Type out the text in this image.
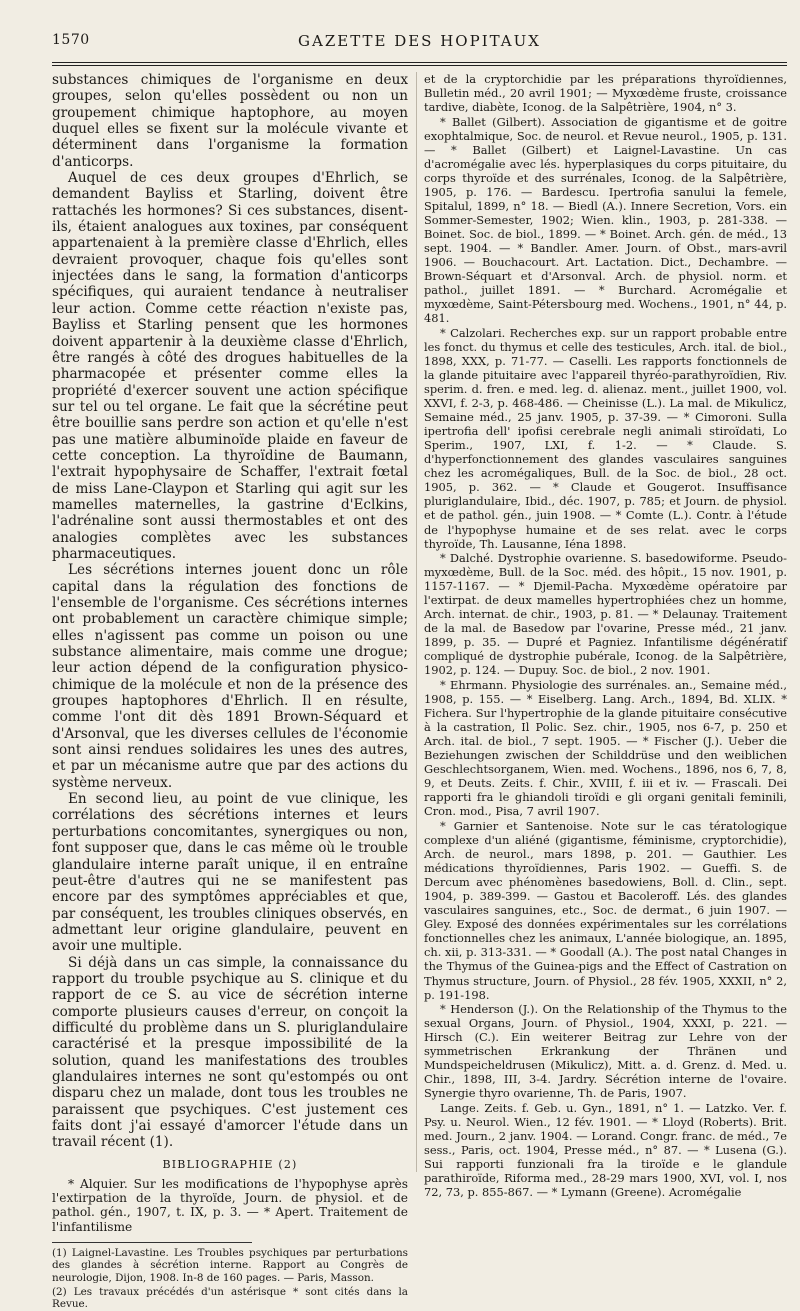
1570	GAZETTE DES HOPITAUX

substances chimiques de l'organisme en deux groupes, selon qu'elles possèdent ou non un groupement chimique haptophore, au moyen duquel elles se fixent sur la molécule vivante et déterminent dans l'organisme la formation d'anticorps.

Auquel de ces deux groupes d'Ehrlich, se demandent Bayliss et Starling, doivent être rattachés les hormones? Si ces substances, disent-ils, étaient analogues aux toxines, par conséquent appartenaient à la première classe d'Ehrlich, elles devraient provoquer, chaque fois qu'elles sont injectées dans le sang, la formation d'anticorps spécifiques, qui auraient tendance à neutraliser leur action. Comme cette réaction n'existe pas, Bayliss et Starling pensent que les hormones doivent appartenir à la deuxième classe d'Ehrlich, être rangés à côté des drogues habituelles de la pharmacopée et présenter comme elles la propriété d'exercer souvent une action spécifique sur tel ou tel organe. Le fait que la sécrétine peut être bouillie sans perdre son action et qu'elle n'est pas une matière albuminoïde plaide en faveur de cette conception. La thyroïdine de Baumann, l'extrait hypophysaire de Schaffer, l'extrait fœtal de miss Lane-Claypon et Starling qui agit sur les mamelles maternelles, la gastrine d'Eclkins, l'adrénaline sont aussi thermostables et ont des analogies complètes avec les substances pharmaceutiques.

Les sécrétions internes jouent donc un rôle capital dans la régulation des fonctions de l'ensemble de l'organisme. Ces sécrétions internes ont probablement un caractère chimique simple; elles n'agissent pas comme un poison ou une substance alimentaire, mais comme une drogue; leur action dépend de la configuration physico-chimique de la molécule et non de la présence des groupes haptophores d'Ehrlich. Il en résulte, comme l'ont dit dès 1891 Brown-Séquard et d'Arsonval, que les diverses cellules de l'économie sont ainsi rendues solidaires les unes des autres, et par un mécanisme autre que par des actions du système nerveux.

En second lieu, au point de vue clinique, les corrélations des sécrétions internes et leurs perturbations concomitantes, synergiques ou non, font supposer que, dans le cas même où le trouble glandulaire interne paraît unique, il en entraîne peut-être d'autres qui ne se manifestent pas encore par des symptômes appréciables et que, par conséquent, les troubles cliniques observés, en admettant leur origine glandulaire, peuvent en avoir une multiple.

Si déjà dans un cas simple, la connaissance du rapport du trouble psychique au S. clinique et du rapport de ce S. au vice de sécrétion interne comporte plusieurs causes d'erreur, on conçoit la difficulté du problème dans un S. pluriglandulaire caractérisé et la presque impossibilité de la solution, quand les manifestations des troubles glandulaires internes ne sont qu'estompés ou ont disparu chez un malade, dont tous les troubles ne paraissent que psychiques. C'est justement ces faits dont j'ai essayé d'amorcer l'étude dans un travail récent (1).

BIBLIOGRAPHIE (2)

* Alquier. Sur les modifications de l'hypophyse après l'extirpation de la thyroïde, Journ. de physiol. et de pathol. gén., 1907, t. IX, p. 3. — * Apert. Traitement de l'infantilisme

(1) Laignel-Lavastine. Les Troubles psychiques par perturbations des glandes à sécrétion interne. Rapport au Congrès de neurologie, Dijon, 1908. In-8 de 160 pages. — Paris, Masson.

(2) Les travaux précédés d'un astérisque * sont cités dans la Revue.

et de la cryptorchidie par les préparations thyroïdiennes, Bulletin méd., 20 avril 1901; — Myxœdème fruste, croissance tardive, diabète, Iconog. de la Salpêtrière, 1904, n° 3.

* Ballet (Gilbert). Association de gigantisme et de goitre exophtalmique, Soc. de neurol. et Revue neurol., 1905, p. 131. — * Ballet (Gilbert) et Laignel-Lavastine. Un cas d'acromégalie avec lés. hyperplasiques du corps pituitaire, du corps thyroïde et des surrénales, Iconog. de la Salpêtrière, 1905, p. 176. — Bardescu. Ipertrofia sanului la femele, Spitalul, 1899, n° 18. — Biedl (A.). Innere Secretion, Vors. ein Sommer-Semester, 1902; Wien. klin., 1903, p. 281-338. — Boinet. Soc. de biol., 1899. — * Boinet. Arch. gén. de méd., 13 sept. 1904. — * Bandler. Amer. Journ. of Obst., mars-avril 1906. — Bouchacourt. Art. Lactation. Dict., Dechambre. — Brown-Séquart et d'Arsonval. Arch. de physiol. norm. et pathol., juillet 1891. — * Burchard. Acromégalie et myxœdème, Saint-Pétersbourg med. Wochens., 1901, n° 44, p. 481.

* Calzolari. Recherches exp. sur un rapport probable entre les fonct. du thymus et celle des testicules, Arch. ital. de biol., 1898, XXX, p. 71-77. — Caselli. Les rapports fonctionnels de la glande pituitaire avec l'appareil thyréo-parathyroïdien, Riv. sperim. d. fren. e med. leg. d. alienaz. ment., juillet 1900, vol. XXVI, f. 2-3, p. 468-486. — Cheinisse (L.). La mal. de Mikulicz, Semaine méd., 25 janv. 1905, p. 37-39. — * Cimoroni. Sulla ipertrofia dell' ipofisi cerebrale negli animali stiroïdati, Lo Sperim., 1907, LXI, f. 1-2. — * Claude. S. d'hyperfonctionnement des glandes vasculaires sanguines chez les acromégaliques, Bull. de la Soc. de biol., 28 oct. 1905, p. 362. — * Claude et Gougerot. Insuffisance pluriglandulaire, Ibid., déc. 1907, p. 785; et Journ. de physiol. et de pathol. gén., juin 1908. — * Comte (L.). Contr. à l'étude de l'hypophyse humaine et de ses relat. avec le corps thyroïde, Th. Lausanne, Iéna 1898.

* Dalché. Dystrophie ovarienne. S. basedowiforme. Pseudo-myxœdème, Bull. de la Soc. méd. des hôpit., 15 nov. 1901, p. 1157-1167. — * Djemil-Pacha. Myxœdème opératoire par l'extirpat. de deux mamelles hypertrophiées chez un homme, Arch. internat. de chir., 1903, p. 81. — * Delaunay. Traitement de la mal. de Basedow par l'ovarine, Presse méd., 21 janv. 1899, p. 35. — Dupré et Pagniez. Infantilisme dégénératif compliqué de dystrophie pubérale, Iconog. de la Salpêtrière, 1902, p. 124. — Dupuy. Soc. de biol., 2 nov. 1901.

* Ehrmann. Physiologie des surrénales. an., Semaine méd., 1908, p. 155. — * Eiselberg. Lang. Arch., 1894, Bd. XLIX. * Fichera. Sur l'hypertrophie de la glande pituitaire consécutive à la castration, Il Polic. Sez. chir., 1905, nos 6-7, p. 250 et Arch. ital. de biol., 7 sept. 1905. — * Fischer (J.). Ueber die Beziehungen zwischen der Schilddrüse und den weiblichen Geschlechtsorganem, Wien. med. Wochens., 1896, nos 6, 7, 8, 9, et Deuts. Zeits. f. Chir., XVIII, f. iii et iv. — Frascali. Dei rapporti fra le ghiandoli tiroïdi e gli organi genitali feminili, Cron. mod., Pisa, 7 avril 1907.

* Garnier et Santenoise. Note sur le cas tératologique complexe d'un aliéné (gigantisme, féminisme, cryptorchidie), Arch. de neurol., mars 1898, p. 201. — Gauthier. Les médications thyroïdiennes, Paris 1902. — Gueffi. S. de Dercum avec phénomènes basedowiens, Boll. d. Clin., sept. 1904, p. 389-399. — Gastou et Bacoleroff. Lés. des glandes vasculaires sanguines, etc., Soc. de dermat., 6 juin 1907. — Gley. Exposé des données expérimentales sur les corrélations fonctionnelles chez les animaux, L'année biologique, an. 1895, ch. xii, p. 313-331. — * Goodall (A.). The post natal Changes in the Thymus of the Guinea-pigs and the Effect of Castration on Thymus structure, Journ. of Physiol., 28 fév. 1905, XXXII, n° 2, p. 191-198.

* Henderson (J.). On the Relationship of the Thymus to the sexual Organs, Journ. of Physiol., 1904, XXXI, p. 221. — Hirsch (C.). Ein weiterer Beitrag zur Lehre von der symmetrischen Erkrankung der Thränen und Mundspeicheldrusen (Mikulicz), Mitt. a. d. Grenz. d. Med. u. Chir., 1898, III, 3-4. Jardry. Sécrétion interne de l'ovaire. Synergie thyro ovarienne, Th. de Paris, 1907.

Lange. Zeits. f. Geb. u. Gyn., 1891, n° 1. — Latzko. Ver. f. Psy. u. Neurol. Wien., 12 fév. 1901. — * Lloyd (Roberts). Brit. med. Journ., 2 janv. 1904. — Lorand. Congr. franc. de méd., 7e sess., Paris, oct. 1904, Presse méd., n° 87. — * Lusena (G.). Sui rapporti funzionali fra la tiroïde e le glandule parathiroïde, Riforma med., 28-29 mars 1900, XVI, vol. I, nos 72, 73, p. 855-867. — * Lymann (Greene). Acromégalie
